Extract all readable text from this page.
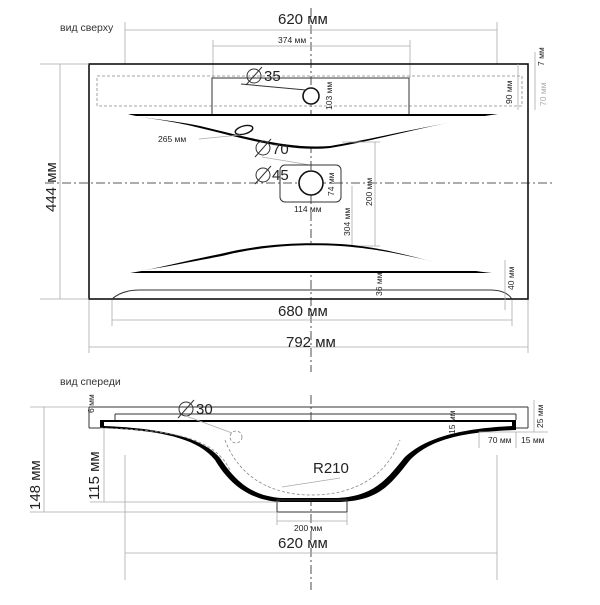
вид сверху	620 мм
374 мм
103 мм
35
7 мм
90 мм	70 мм
265 мм
70
45	74 мм
114 мм
200 мм
304 мм
444 мм
36 мм	40 мм
680 мм
792 мм
вид спереди
6 мм
200 мм
30
R210
15 мм	25 мм
70 мм 15 мм
148 мм	115 мм
620 мм
